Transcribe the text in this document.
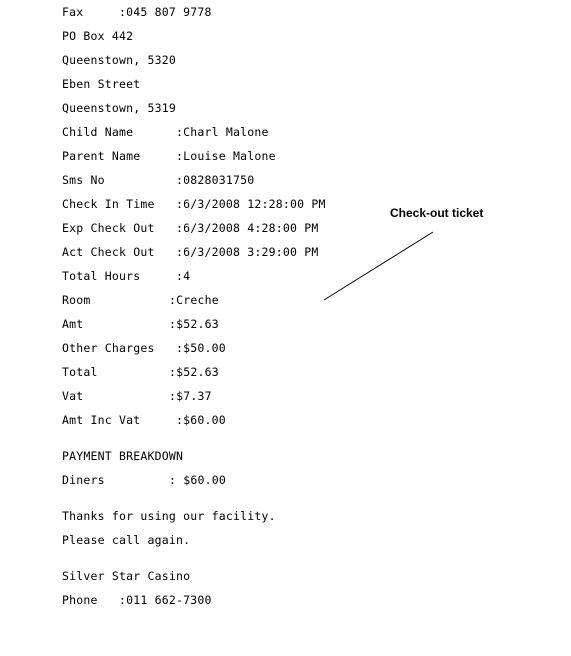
Fax

	:045 807 9778

PO Box 442
Queenstown, 5320
Eben Street
Queenstown, 5319

Child Name

	:Charl Malone

Parent Name

	:Louise Malone

Sms No

	:0828031750

Check In Time

:6/3/2008 12:28:00 PM

Exp Check Out

:6/3/2008 4:28:00 PM

Act Check Out

:6/3/2008 3:29:00 PM

Total Hours

	:4

Room

	:Creche

Amt

	:$52.63

Other Charges

:$50.00

Total

	:$52.63

Vat

	:$7.37

Amt Inc Vat

	:$60.00

PAYMENT BREAKDOWN

Diners

	: $60.00

Thanks for using our facility.
Please call again.
Silver Star Casino

Phone

:011 662-7300

Check-out ticket
